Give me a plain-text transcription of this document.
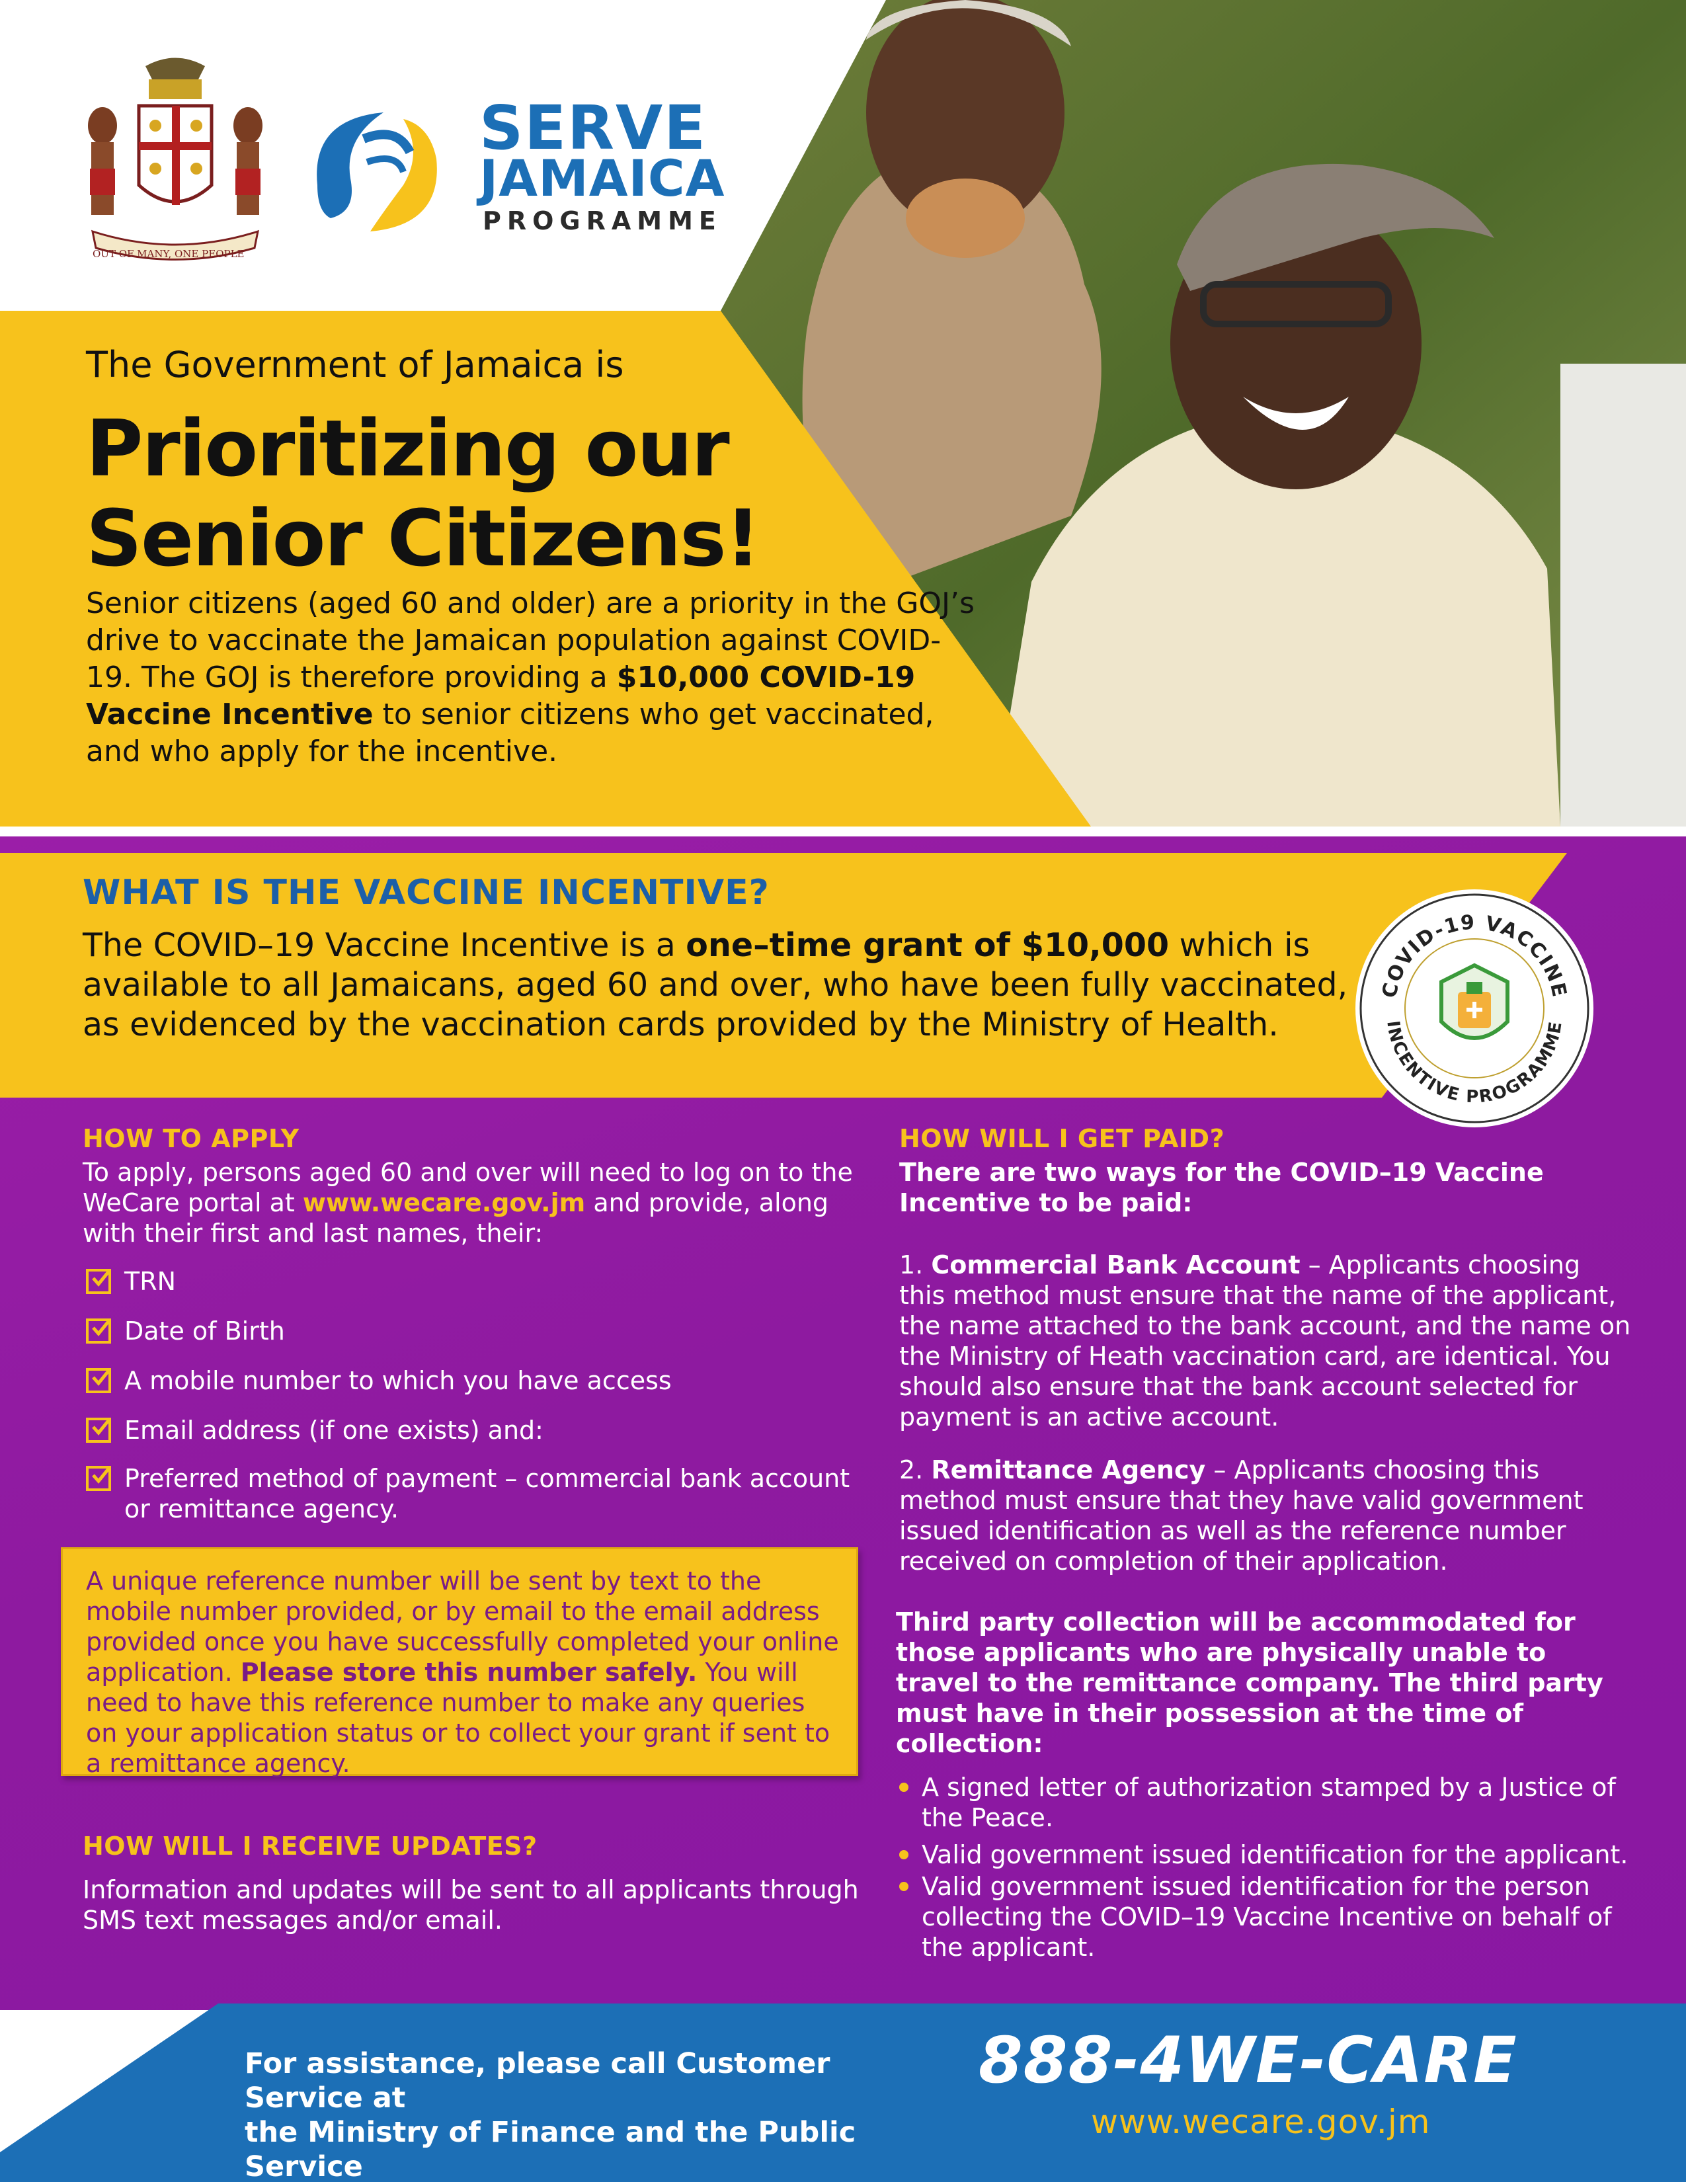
OUT OF MANY, ONE PEOPLE
SERVE
JAMAICA
PROGRAMME
The Government of Jamaica is
Prioritizing our
Senior Citizens!
Senior citizens (aged 60 and older) are a priority in the GOJ’s drive to vaccinate the Jamaican population against COVID-19. The GOJ is therefore providing a $10,000 COVID-19 Vaccine Incentive to senior citizens who get vaccinated, and who apply for the incentive.
WHAT IS THE VACCINE INCENTIVE?
The COVID–19 Vaccine Incentive is a one–time grant of $10,000 which is available to all Jamaicans, aged 60 and over, who have been fully vaccinated, as evidenced by the vaccination cards provided by the Ministry of Health.
COVID-19 VACCINE
INCENTIVE PROGRAMME
HOW TO APPLY
To apply, persons aged 60 and over will need to log on to the WeCare portal at www.wecare.gov.jm and provide, along with their first and last names, their:
TRN
Date of Birth
A mobile number to which you have access
Email address (if one exists) and:
Preferred method of payment – commercial bank account or remittance agency.
A unique reference number will be sent by text to the mobile number provided, or by email to the email address provided once you have successfully completed your online application. Please store this number safely. You will need to have this reference number to make any queries on your application status or to collect your grant if sent to a remittance agency.
HOW WILL I RECEIVE UPDATES?
Information and updates will be sent to all applicants through SMS text messages and/or email.
HOW WILL I GET PAID?
There are two ways for the COVID–19 Vaccine Incentive to be paid:
1. Commercial Bank Account – Applicants choosing this method must ensure that the name of the applicant, the name attached to the bank account, and the name on the Ministry of Heath vaccination card, are identical. You should also ensure that the bank account selected for payment is an active account.
2. Remittance Agency – Applicants choosing this method must ensure that they have valid government issued identification as well as the reference number received on completion of their application.
Third party collection will be accommodated for those applicants who are physically unable to travel to the remittance company. The third party must have in their possession at the time of collection:
A signed letter of authorization stamped by a Justice of the Peace.
Valid government issued identification for the applicant.
Valid government issued identification for the person collecting the COVID–19 Vaccine Incentive on behalf of the applicant.
For assistance, please call Customer Service at
the Ministry of Finance and the Public Service
888-4WE-CARE
www.wecare.gov.jm
